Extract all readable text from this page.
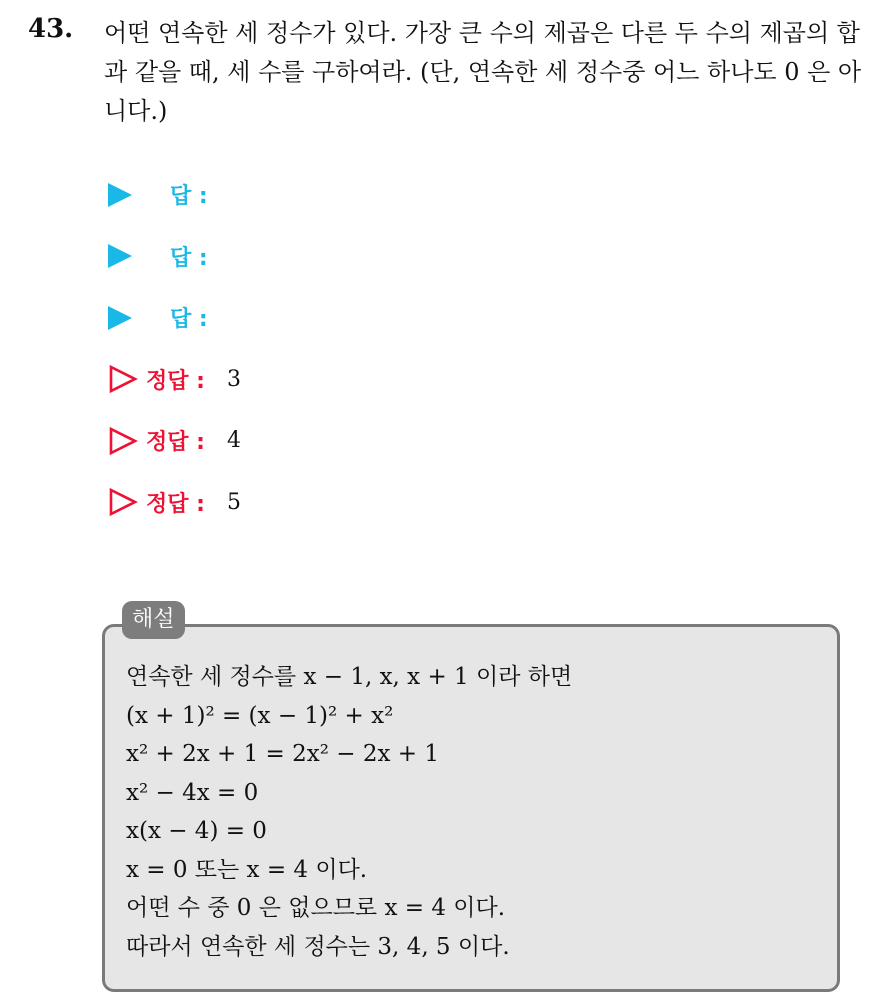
43. 어떤 연속한 세 정수가 있다. 가장 큰 수의 제곱은 다른 두 수의 제곱의 합과 같을 때, 세 수를 구하여라. (단, 연속한 세 정수중 어느 하나도 0 은 아니다.)
답 :
답 :
답 :
정답 : 3
정답 : 4
정답 : 5
해설
연속한 세 정수를 x − 1, x, x + 1 이라 하면
(x + 1)² = (x − 1)² + x²
x² + 2x + 1 = 2x² − 2x + 1
x² − 4x = 0
x(x − 4) = 0
x = 0 또는 x = 4 이다.
어떤 수 중 0 은 없으므로 x = 4 이다.
따라서 연속한 세 정수는 3, 4, 5 이다.
